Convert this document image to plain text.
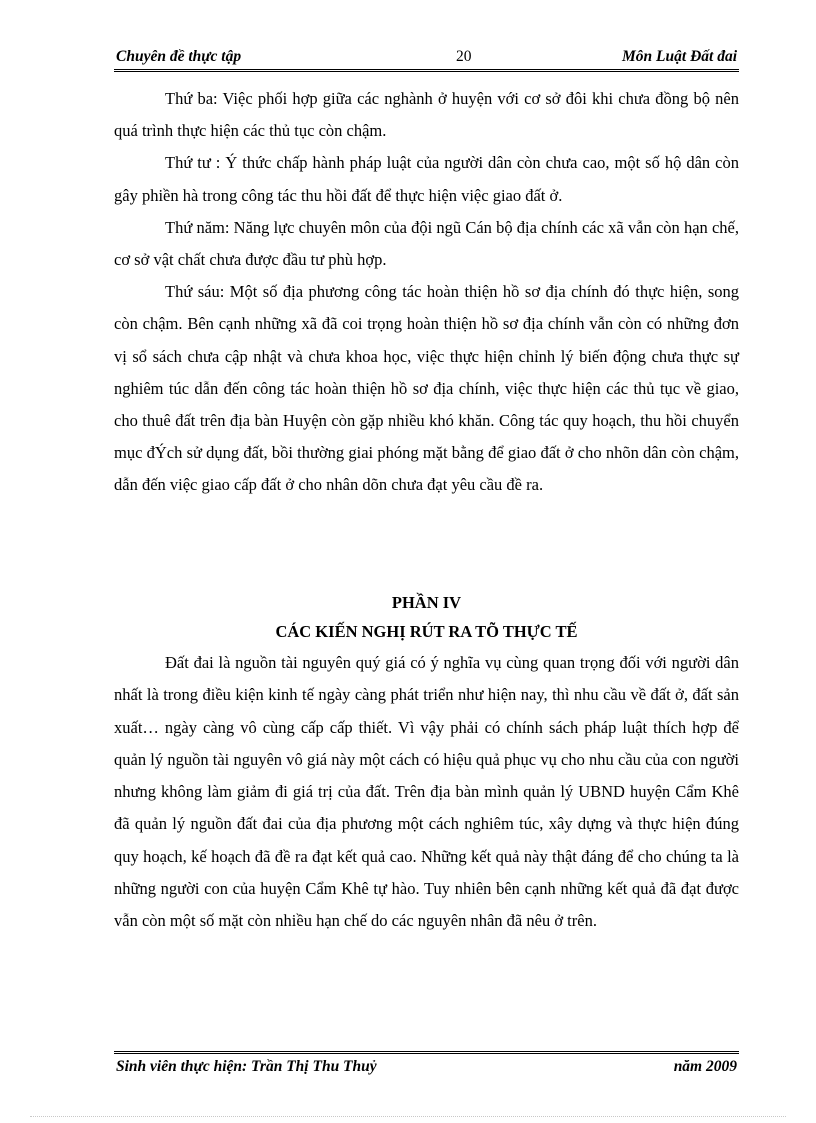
Chuyên đề thực tập	20	Môn Luật Đất đai

Thứ ba: Việc phối hợp giữa các nghành ở huyện với cơ sở đôi khi chưa đồng bộ nên quá trình thực hiện các thủ tục còn chậm.

Thứ tư : Ý thức chấp hành pháp luật của người dân còn chưa cao, một số hộ dân còn gây phiền hà trong công tác thu hồi đất để thực hiện việc giao đất ở.

Thứ năm: Năng lực chuyên môn của đội ngũ Cán bộ địa chính các xã vẫn còn hạn chế, cơ sở vật chất chưa được đầu tư phù hợp.

Thứ sáu: Một số địa phương công tác hoàn thiện hồ sơ địa chính đó thực hiện, song còn chậm. Bên cạnh những xã đã coi trọng hoàn thiện hồ sơ địa chính vẫn còn có những đơn vị sổ sách chưa cập nhật và chưa khoa học, việc thực hiện chỉnh lý biến động chưa thực sự nghiêm túc dẫn đến công tác hoàn thiện hồ sơ địa chính, việc thực hiện các thủ tục về giao, cho thuê đất trên địa bàn Huyện còn gặp nhiều khó khăn. Công tác quy hoạch, thu hồi chuyển mục đÝch sử dụng đất, bồi thường giai phóng mặt bằng để giao đất ở cho nhõn dân còn chậm, dẫn đến việc giao cấp đất ở cho nhân dõn chưa đạt yêu cầu đề ra.

PHẦN IV
CÁC KIẾN NGHỊ RÚT RA TÕ THỰC TẾ

Đất đai là nguồn tài nguyên quý giá có ý nghĩa vụ cùng quan trọng đối với người dân nhất là trong điều kiện kinh tế ngày càng phát triển như hiện nay, thì nhu cầu về đất ở, đất sản xuất… ngày càng vô cùng cấp cấp thiết. Vì vậy phải có chính sách pháp luật thích hợp để quản lý nguồn tài nguyên vô giá này một cách có hiệu quả phục vụ cho nhu cầu của con người nhưng không làm giảm đi giá trị của đất. Trên địa bàn mình quản lý UBND huyện Cẩm Khê đã quản lý nguồn đất đai của địa phương một cách nghiêm túc, xây dựng và thực hiện đúng quy hoạch, kế hoạch đã đề ra đạt kết quả cao. Những kết quả này thật đáng để cho chúng ta là những người con của huyện Cẩm Khê tự hào. Tuy nhiên bên cạnh những kết quả đã đạt được vẫn còn một số mặt còn nhiều hạn chế do các nguyên nhân đã nêu ở trên.

Sinh viên thực hiện: Trần Thị Thu Thuỷ	năm 2009
